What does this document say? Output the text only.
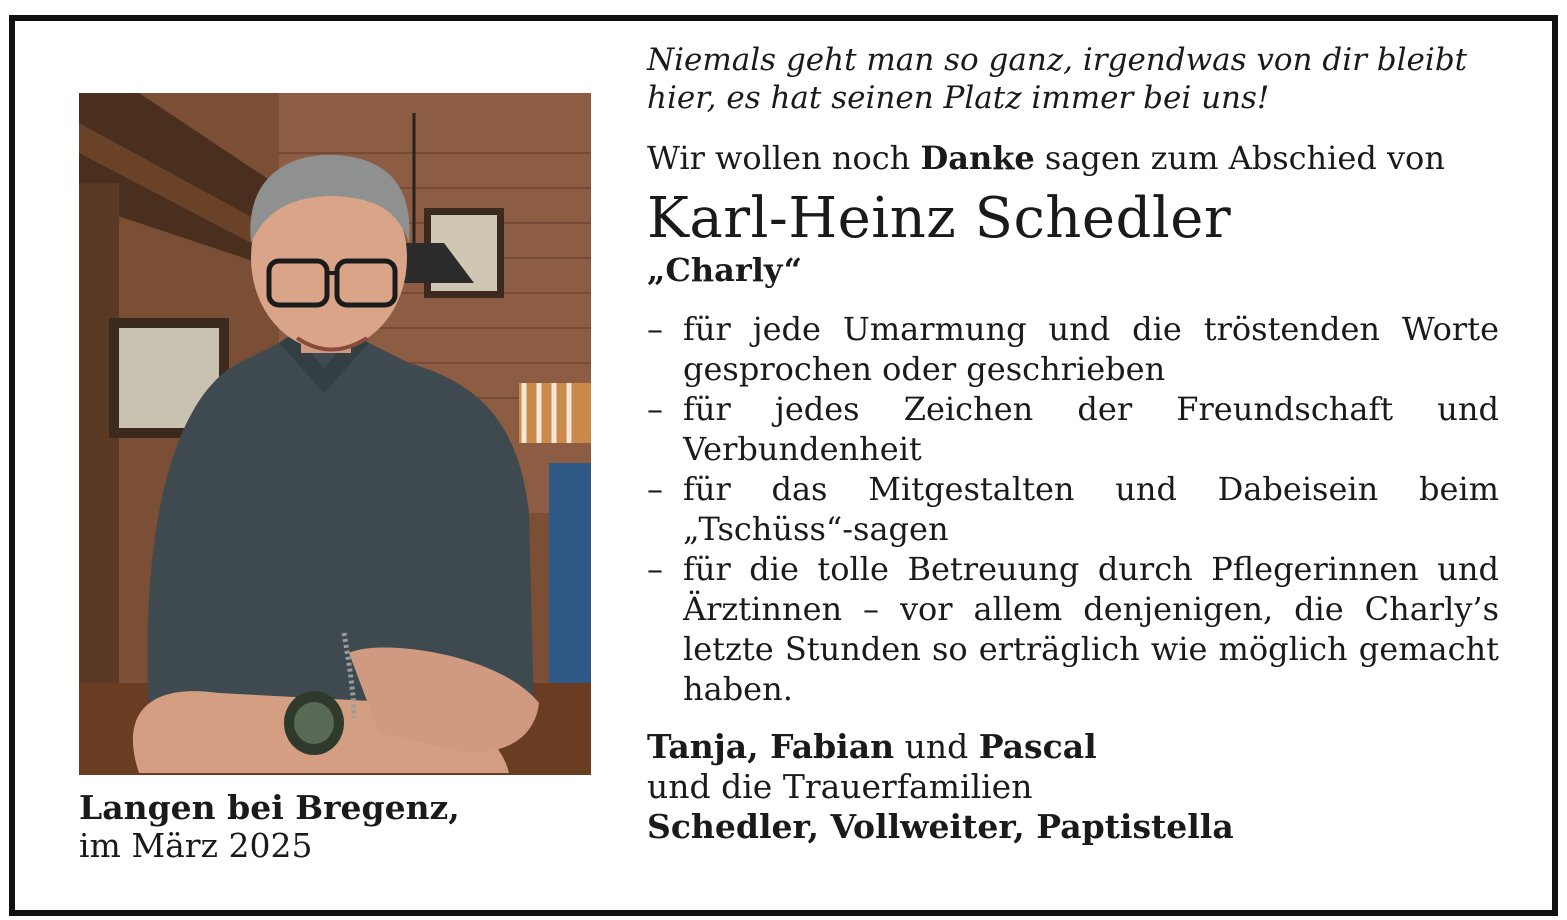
Langen bei Bregenz,
im März 2025

Niemals geht man so ganz, irgendwas von dir bleibt hier, es hat seinen Platz immer bei uns!

Wir wollen noch Danke sagen zum Abschied von

Karl-Heinz Schedler

„Charly“

– für jede Umarmung und die tröstenden Worte gesprochen oder geschrieben
– für jedes Zeichen der Freundschaft und Verbundenheit
– für das Mitgestalten und Dabeisein beim „Tschüss“-sagen
– für die tolle Betreuung durch Pflegerinnen und Ärztinnen – vor allem denjenigen, die Charly’s letzte Stunden so erträglich wie möglich gemacht haben.
Tanja, Fabian und Pascal
und die Trauerfamilien
Schedler, Vollweiter, Paptistella
